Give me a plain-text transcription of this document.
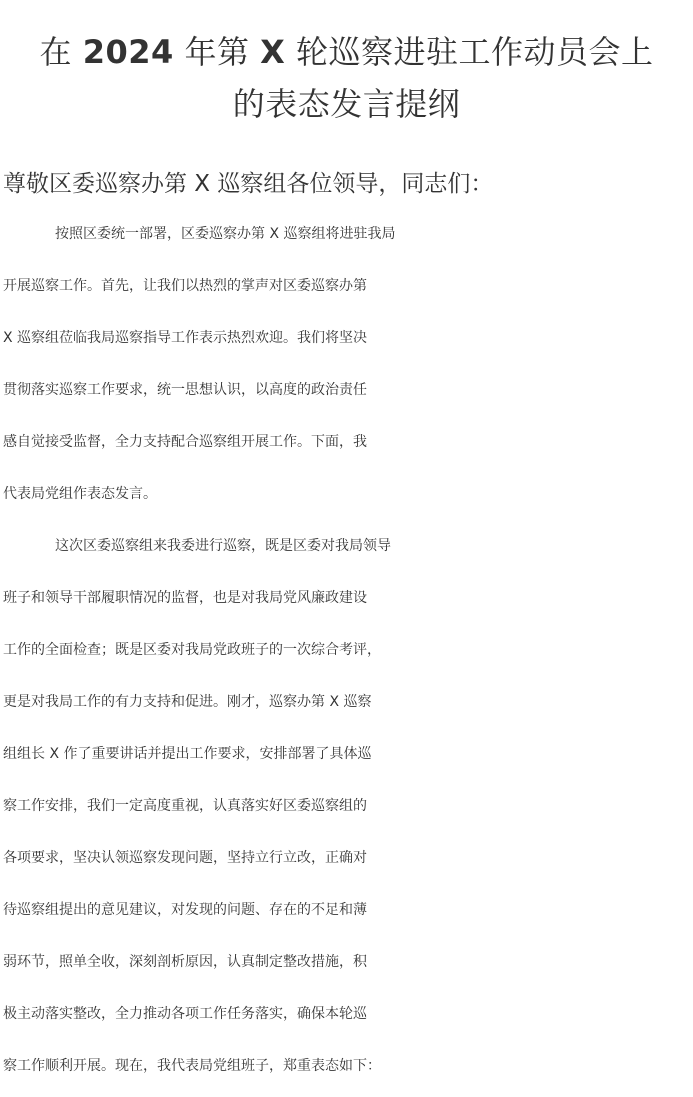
在 2024 年第 X 轮巡察进驻工作动员会上
的表态发言提纲
尊敬区委巡察办第 X 巡察组各位领导，同志们：
按照区委统一部署，区委巡察办第 X 巡察组将进驻我局
开展巡察工作。首先，让我们以热烈的掌声对区委巡察办第
X 巡察组莅临我局巡察指导工作表示热烈欢迎。我们将坚决
贯彻落实巡察工作要求，统一思想认识，以高度的政治责任
感自觉接受监督，全力支持配合巡察组开展工作。下面，我
代表局党组作表态发言。
这次区委巡察组来我委进行巡察，既是区委对我局领导
班子和领导干部履职情况的监督，也是对我局党风廉政建设
工作的全面检查；既是区委对我局党政班子的一次综合考评，
更是对我局工作的有力支持和促进。刚才，巡察办第 X 巡察
组组长 X 作了重要讲话并提出工作要求，安排部署了具体巡
察工作安排，我们一定高度重视，认真落实好区委巡察组的
各项要求，坚决认领巡察发现问题，坚持立行立改，正确对
待巡察组提出的意见建议，对发现的问题、存在的不足和薄
弱环节，照单全收，深刻剖析原因，认真制定整改措施，积
极主动落实整改，全力推动各项工作任务落实，确保本轮巡
察工作顺利开展。现在，我代表局党组班子，郑重表态如下：
